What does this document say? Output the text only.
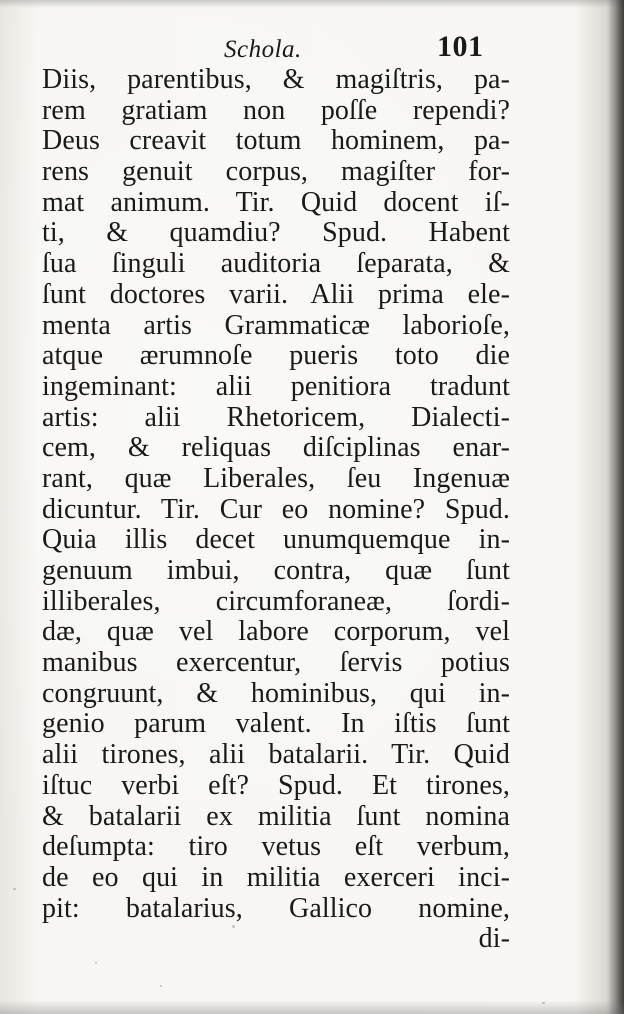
Schola.	101
Diis, parentibus, & magiſtris, pa-
rem gratiam non poſſe rependi?
Deus creavit totum hominem, pa-
rens genuit corpus, magiſter for-
mat animum. Tir. Quid docent iſ-
ti, & quamdiu? Spud. Habent
ſua ſinguli auditoria ſeparata, &
ſunt doctores varii. Alii prima ele-
menta artis Grammaticæ laborioſe,
atque ærumnoſe pueris toto die
ingeminant: alii penitiora tradunt
artis: alii Rhetoricem, Dialecti-
cem, & reliquas diſciplinas enar-
rant, quæ Liberales, ſeu Ingenuæ
dicuntur. Tir. Cur eo nomine? Spud.
Quia illis decet unumquemque in-
genuum imbui, contra, quæ ſunt
illiberales, circumforaneæ, ſordi-
dæ, quæ vel labore corporum, vel
manibus exercentur, ſervis potius
congruunt, & hominibus, qui in-
genio parum valent. In iſtis ſunt
alii tirones, alii batalarii. Tir. Quid
iſtuc verbi eſt? Spud. Et tirones,
& batalarii ex militia ſunt nomina
deſumpta: tiro vetus eſt verbum,
de eo qui in militia exerceri inci-
pit: batalarius, Gallico nomine,
di-
